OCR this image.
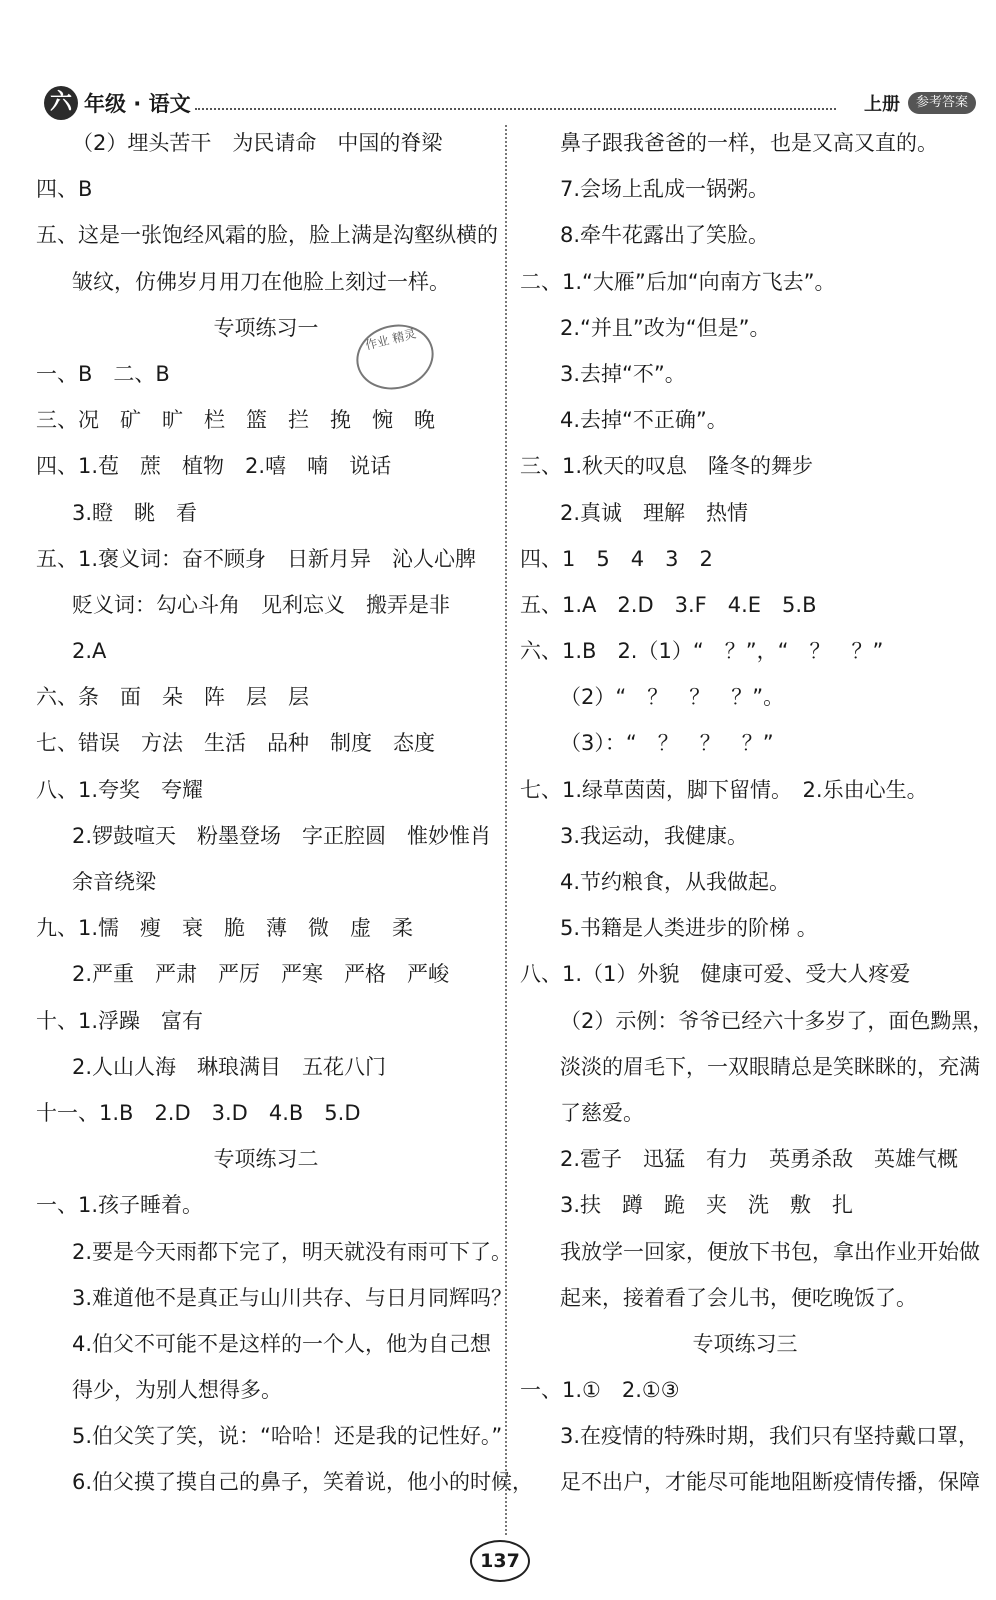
六 年级 · 语文	上册	参考答案
（2）埋头苦干　为民请命　中国的脊梁
四、B
五、这是一张饱经风霜的脸，脸上满是沟壑纵横的
皱纹，仿佛岁月用刀在他脸上刻过一样。
专项练习一
一、B　二、B
三、况　矿　旷　栏　篮　拦　挽　惋　晚
四、1.苞　蔗　植物　2.嘻　喃　说话
3.瞪　眺　看
五、1.褒义词：奋不顾身　日新月异　沁人心脾
贬义词：勾心斗角　见利忘义　搬弄是非
2.A
六、条　面　朵　阵　层　层
七、错误　方法　生活　品种　制度　态度
八、1.夸奖　夸耀
2.锣鼓喧天　粉墨登场　字正腔圆　惟妙惟肖
余音绕梁
九、1.懦　瘦　衰　脆　薄　微　虚　柔
2.严重　严肃　严厉　严寒　严格　严峻
十、1.浮躁　富有
2.人山人海　琳琅满目　五花八门
十一、1.B　2.D　3.D　4.B　5.D
专项练习二
一、1.孩子睡着。
2.要是今天雨都下完了，明天就没有雨可下了。
3.难道他不是真正与山川共存、与日月同辉吗？
4.伯父不可能不是这样的一个人，他为自己想
得少，为别人想得多。
5.伯父笑了笑，说：“哈哈！还是我的记性好。”
6.伯父摸了摸自己的鼻子，笑着说，他小的时候，
鼻子跟我爸爸的一样，也是又高又直的。
7.会场上乱成一锅粥。
8.牵牛花露出了笑脸。
二、1.“大雁”后加“向南方飞去”。
2.“并且”改为“但是”。
3.去掉“不”。
4.去掉“不正确”。
三、1.秋天的叹息　隆冬的舞步
2.真诚　理解　热情
四、1　5　4　3　2
五、1.A　2.D　3.F　4.E　5.B
六、1.B　2.（1）“　？”，“　？　？”
（2）“　？　？　？”。
（3）：“　？　？　？”
七、1.绿草茵茵，脚下留情。　2.乐由心生。
3.我运动，我健康。
4.节约粮食，从我做起。
5.书籍是人类进步的阶梯 。
八、1.（1）外貌　健康可爱、受大人疼爱
（2）示例：爷爷已经六十多岁了，面色黝黑，
淡淡的眉毛下，一双眼睛总是笑眯眯的，充满
了慈爱。
2.雹子　迅猛　有力　英勇杀敌　英雄气概
3.扶　蹲　跪　夹　洗　敷　扎
我放学一回家，便放下书包，拿出作业开始做
起来，接着看了会儿书，便吃晚饭了。
专项练习三
一、1.①　2.①③
3.在疫情的特殊时期，我们只有坚持戴口罩，
足不出户，才能尽可能地阻断疫情传播，保障
作业 精灵
137
